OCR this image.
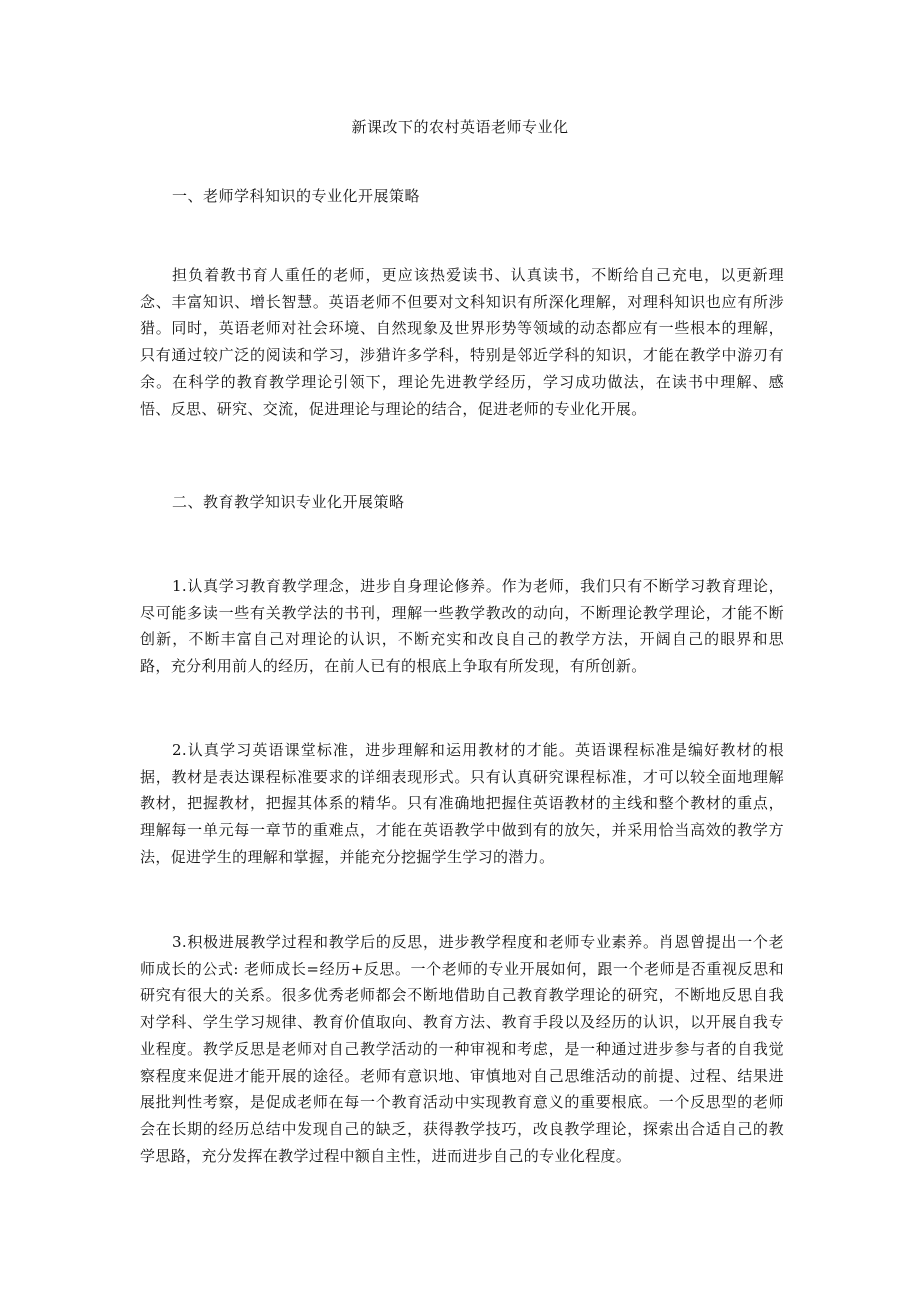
新课改下的农村英语老师专业化
一、老师学科知识的专业化开展策略

担负着教书育人重任的老师，更应该热爱读书、认真读书，不断给自己充电，以更新理念、丰富知识、增长智慧。英语老师不但要对文科知识有所深化理解，对理科知识也应有所涉猎。同时，英语老师对社会环境、自然现象及世界形势等领域的动态都应有一些根本的理解，只有通过较广泛的阅读和学习，涉猎许多学科，特别是邻近学科的知识，才能在教学中游刃有余。在科学的教育教学理论引领下，理论先进教学经历，学习成功做法，在读书中理解、感悟、反思、研究、交流，促进理论与理论的结合，促进老师的专业化开展。

二、教育教学知识专业化开展策略

1.认真学习教育教学理念，进步自身理论修养。作为老师，我们只有不断学习教育理论，尽可能多读一些有关教学法的书刊，理解一些教学教改的动向，不断理论教学理论，才能不断创新，不断丰富自己对理论的认识，不断充实和改良自己的教学方法，开阔自己的眼界和思路，充分利用前人的经历，在前人已有的根底上争取有所发现，有所创新。

2.认真学习英语课堂标准，进步理解和运用教材的才能。英语课程标准是编好教材的根据，教材是表达课程标准要求的详细表现形式。只有认真研究课程标准，才可以较全面地理解教材，把握教材，把握其体系的精华。只有准确地把握住英语教材的主线和整个教材的重点，理解每一单元每一章节的重难点，才能在英语教学中做到有的放矢，并采用恰当高效的教学方法，促进学生的理解和掌握，并能充分挖掘学生学习的潜力。

3.积极进展教学过程和教学后的反思，进步教学程度和老师专业素养。肖恩曾提出一个老师成长的公式: 老师成长=经历+反思。一个老师的专业开展如何，跟一个老师是否重视反思和研究有很大的关系。很多优秀老师都会不断地借助自己教育教学理论的研究，不断地反思自我对学科、学生学习规律、教育价值取向、教育方法、教育手段以及经历的认识，以开展自我专业程度。教学反思是老师对自己教学活动的一种审视和考虑，是一种通过进步参与者的自我觉察程度来促进才能开展的途径。老师有意识地、审慎地对自己思维活动的前提、过程、结果进展批判性考察，是促成老师在每一个教育活动中实现教育意义的重要根底。一个反思型的老师会在长期的经历总结中发现自己的缺乏，获得教学技巧，改良教学理论，探索出合适自己的教学思路，充分发挥在教学过程中额自主性，进而进步自己的专业化程度。
